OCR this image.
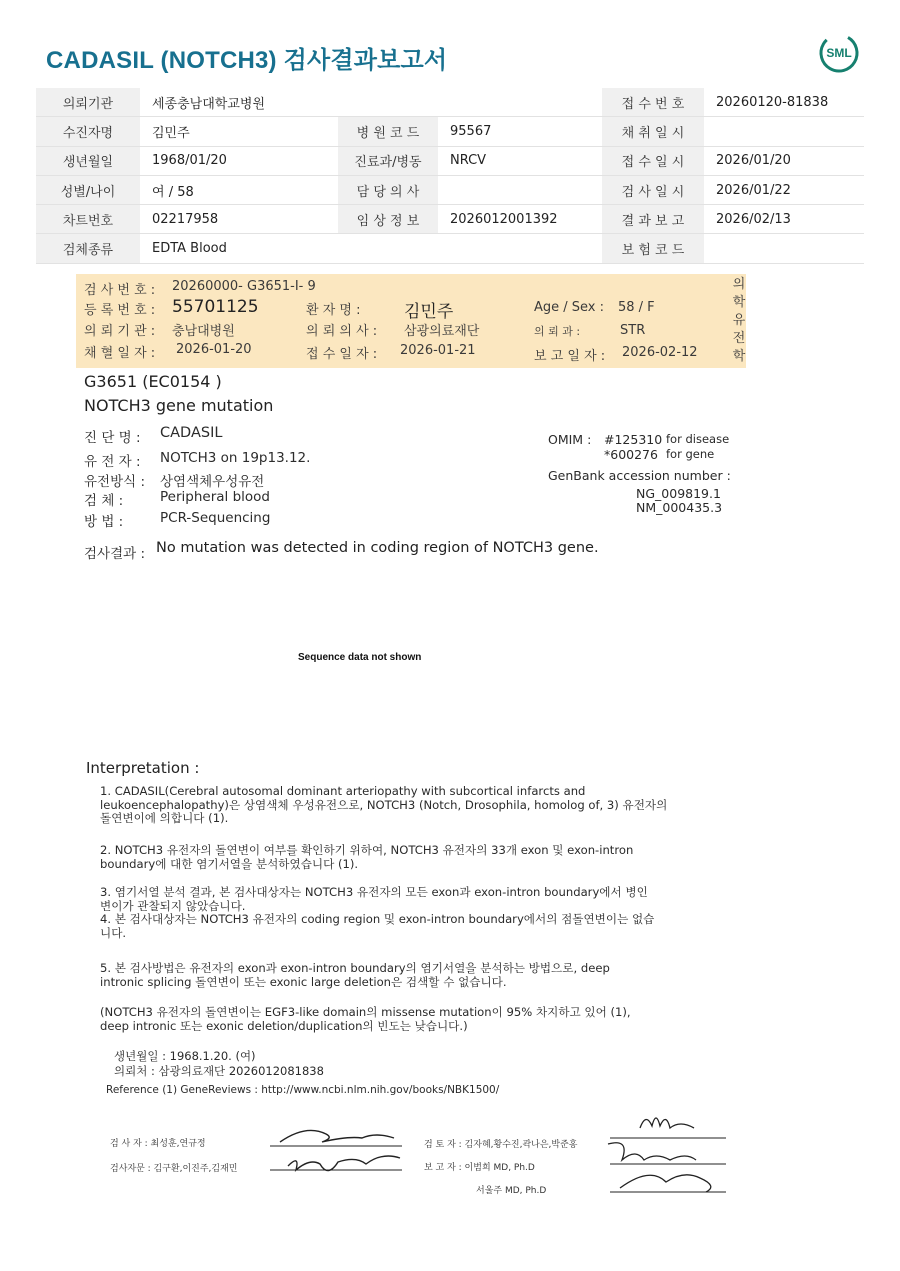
CADASIL (NOTCH3) 검사결과보고서	SML
의뢰기관	세종충남대학교병원			접 수 번 호	20260120-81838
수진자명	김민주	병 원 코 드	95567	채 취 일 시	
생년월일	1968/01/20	진료과/병동	NRCV	접 수 일 시	2026/01/20
성별/나이	여 / 58	담 당 의 사		검 사 일 시	2026/01/22
차트번호	02217958	임 상 정 보	2026012001392	결 과 보 고	2026/02/13
검체종류	EDTA Blood			보 험 코 드	
검 사 번 호 : 20260000- G3651-I- 9
등 록 번 호 : 55701125	환 자 명 :	김민주	Age / Sex : 58 / F
의 뢰 기 관 : 충남대병원	의 뢰 의 사 : 삼광의료재단	의 뢰 과 :	STR
채 혈 일 자 : 2026-01-20	접 수 일 자 : 2026-01-21	보 고 일 자 : 2026-02-12
의학유전학
G3651 (EC0154 )
NOTCH3 gene mutation
진 단 명 : CADASIL
유 전 자 : NOTCH3 on 19p13.12.
유전방식 : 상염색체우성유전
검 체 :	Peripheral blood
방 법 :	PCR-Sequencing
OMIM : #125310 for disease
*600276 for gene
GenBank accession number :
NG_009819.1
NM_000435.3
검사결과 : No mutation was detected in coding region of NOTCH3 gene.
Sequence data not shown
Interpretation :
1. CADASIL(Cerebral autosomal dominant arteriopathy with subcortical infarcts and
leukoencephalopathy)은 상염색체 우성유전으로, NOTCH3 (Notch, Drosophila, homolog of, 3) 유전자의
돌연변이에 의합니다 (1).
2. NOTCH3 유전자의 돌연변이 여부를 확인하기 위하여, NOTCH3 유전자의 33개 exon 및 exon-intron
boundary에 대한 염기서열을 분석하였습니다 (1).
3. 염기서열 분석 결과, 본 검사대상자는 NOTCH3 유전자의 모든 exon과 exon-intron boundary에서 병인
변이가 관찰되지 않았습니다.
4. 본 검사대상자는 NOTCH3 유전자의 coding region 및 exon-intron boundary에서의 점돌연변이는 없습
니다.
5. 본 검사방법은 유전자의 exon과 exon-intron boundary의 염기서열을 분석하는 방법으로, deep
intronic splicing 돌연변이 또는 exonic large deletion은 검색할 수 없습니다.
(NOTCH3 유전자의 돌연변이는 EGF3-like domain의 missense mutation이 95% 차지하고 있어 (1),
deep intronic 또는 exonic deletion/duplication의 빈도는 낮습니다.)
생년월일 : 1968.1.20. (여)
의뢰처 : 삼광의료재단 2026012081838
Reference (1) GeneReviews : http://www.ncbi.nlm.nih.gov/books/NBK1500/
검 사 자 : 최성훈,연규정
검사자문 : 김구환,이진주,김재민
검 토 자 : 김자혜,황수진,곽나은,박준홍
보 고 자 : 이범희 MD, Ph.D
서울주 MD, Ph.D
